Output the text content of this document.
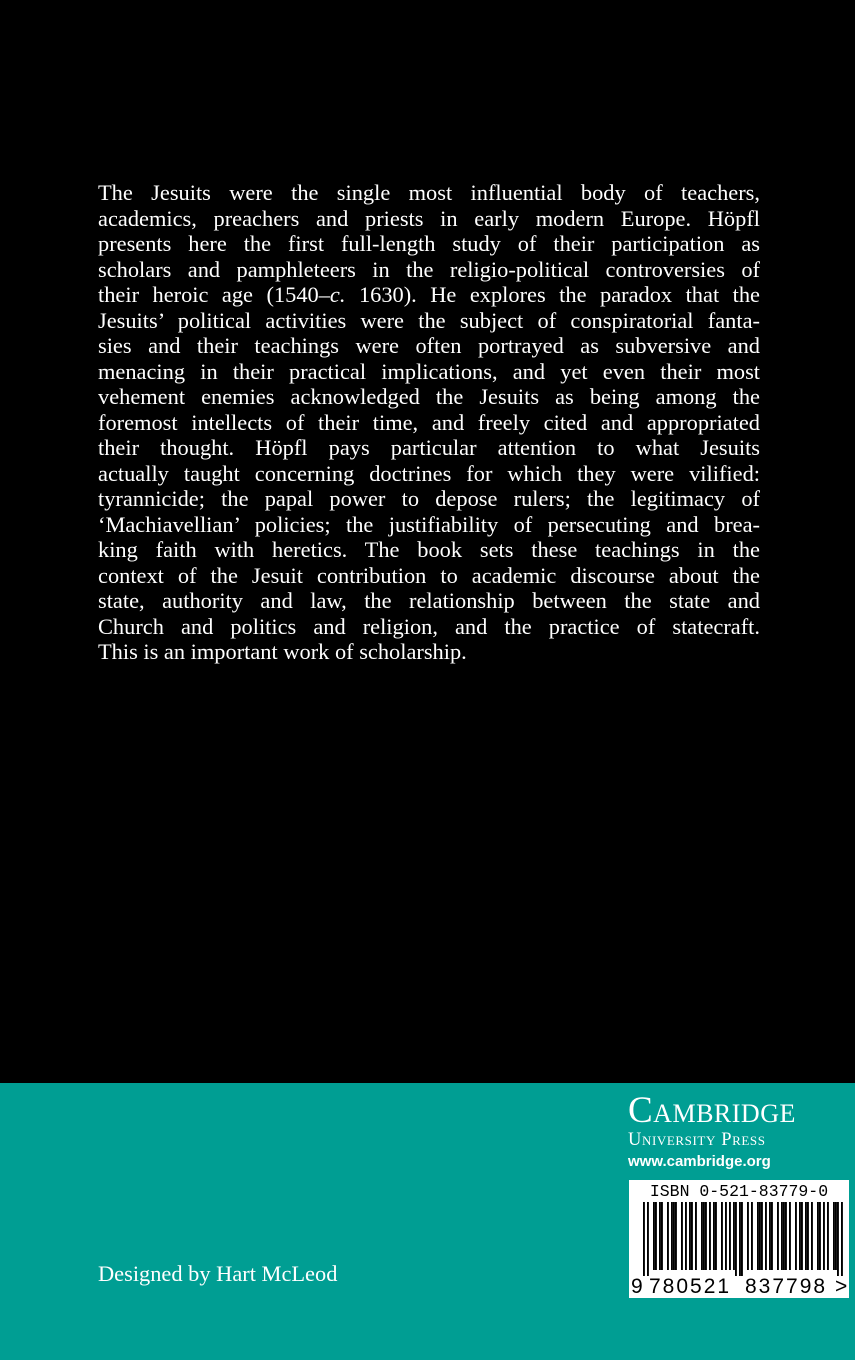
The Jesuits were the single most influential body of teachers,
academics, preachers and priests in early modern Europe. Höpfl
presents here the first full-length study of their participation as
scholars and pamphleteers in the religio-political controversies of
their heroic age (1540–c. 1630). He explores the paradox that the
Jesuits’ political activities were the subject of conspiratorial fanta-
sies and their teachings were often portrayed as subversive and
menacing in their practical implications, and yet even their most
vehement enemies acknowledged the Jesuits as being among the
foremost intellects of their time, and freely cited and appropriated
their thought. Höpfl pays particular attention to what Jesuits
actually taught concerning doctrines for which they were vilified:
tyrannicide; the papal power to depose rulers; the legitimacy of
‘Machiavellian’ policies; the justifiability of persecuting and brea-
king faith with heretics. The book sets these teachings in the
context of the Jesuit contribution to academic discourse about the
state, authority and law, the relationship between the state and
Church and politics and religion, and the practice of statecraft.
This is an important work of scholarship.
Cambridge
University Press
www.cambridge.org
Designed by Hart McLeod
ISBN 0-521-83779-0
9 780521 837798 >
